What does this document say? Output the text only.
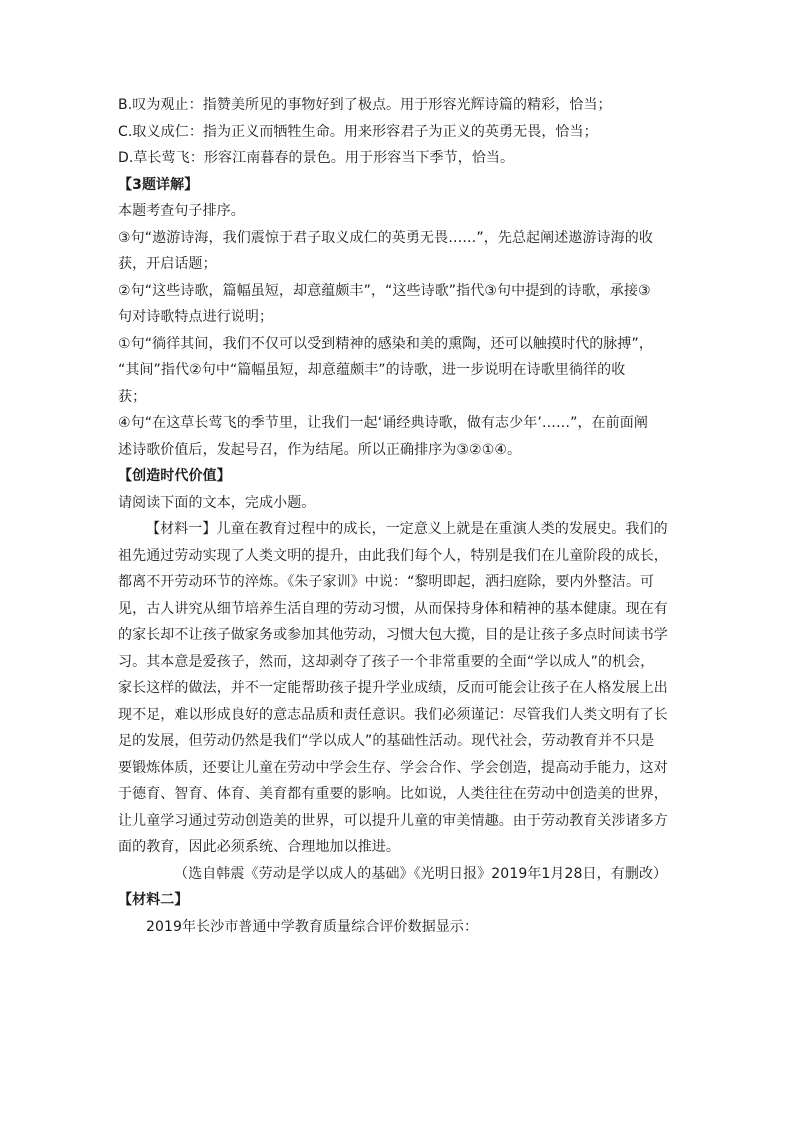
B.叹为观止：指赞美所见的事物好到了极点。用于形容光辉诗篇的精彩，恰当；
C.取义成仁：指为正义而牺牲生命。用来形容君子为正义的英勇无畏，恰当；
D.草长莺飞：形容江南暮春的景色。用于形容当下季节，恰当。
【3题详解】
本题考查句子排序。
③句“遨游诗海，我们震惊于君子取义成仁的英勇无畏……”，先总起阐述遨游诗海的收
获，开启话题；
②句“这些诗歌，篇幅虽短，却意蕴颇丰”，“这些诗歌”指代③句中提到的诗歌，承接③
句对诗歌特点进行说明；
①句“徜徉其间，我们不仅可以受到精神的感染和美的熏陶，还可以触摸时代的脉搏”，
“其间”指代②句中“篇幅虽短，却意蕴颇丰”的诗歌，进一步说明在诗歌里徜徉的收
获；
④句“在这草长莺飞的季节里，让我们一起‘诵经典诗歌，做有志少年’……”，在前面阐
述诗歌价值后，发起号召，作为结尾。所以正确排序为③②①④。
【创造时代价值】
请阅读下面的文本，完成小题。
【材料一】儿童在教育过程中的成长，一定意义上就是在重演人类的发展史。我们的
祖先通过劳动实现了人类文明的提升，由此我们每个人，特别是我们在儿童阶段的成长，
都离不开劳动环节的淬炼。《朱子家训》中说：“黎明即起，洒扫庭除，要内外整洁。可
见，古人讲究从细节培养生活自理的劳动习惯，从而保持身体和精神的基本健康。现在有
的家长却不让孩子做家务或参加其他劳动，习惯大包大揽，目的是让孩子多点时间读书学
习。其本意是爱孩子，然而，这却剥夺了孩子一个非常重要的全面“学以成人”的机会，
家长这样的做法，并不一定能帮助孩子提升学业成绩，反而可能会让孩子在人格发展上出
现不足，难以形成良好的意志品质和责任意识。我们必须谨记：尽管我们人类文明有了长
足的发展，但劳动仍然是我们“学以成人”的基础性活动。现代社会，劳动教育并不只是
要锻炼体质，还要让儿童在劳动中学会生存、学会合作、学会创造，提高动手能力，这对
于德育、智育、体育、美育都有重要的影响。比如说，人类往往在劳动中创造美的世界，
让儿童学习通过劳动创造美的世界，可以提升儿童的审美情趣。由于劳动教育关涉诸多方
面的教育，因此必须系统、合理地加以推进。
（选自韩震《劳动是学以成人的基础》《光明日报》2019年1月28日，有删改）
【材料二】
2019年长沙市普通中学教育质量综合评价数据显示：
